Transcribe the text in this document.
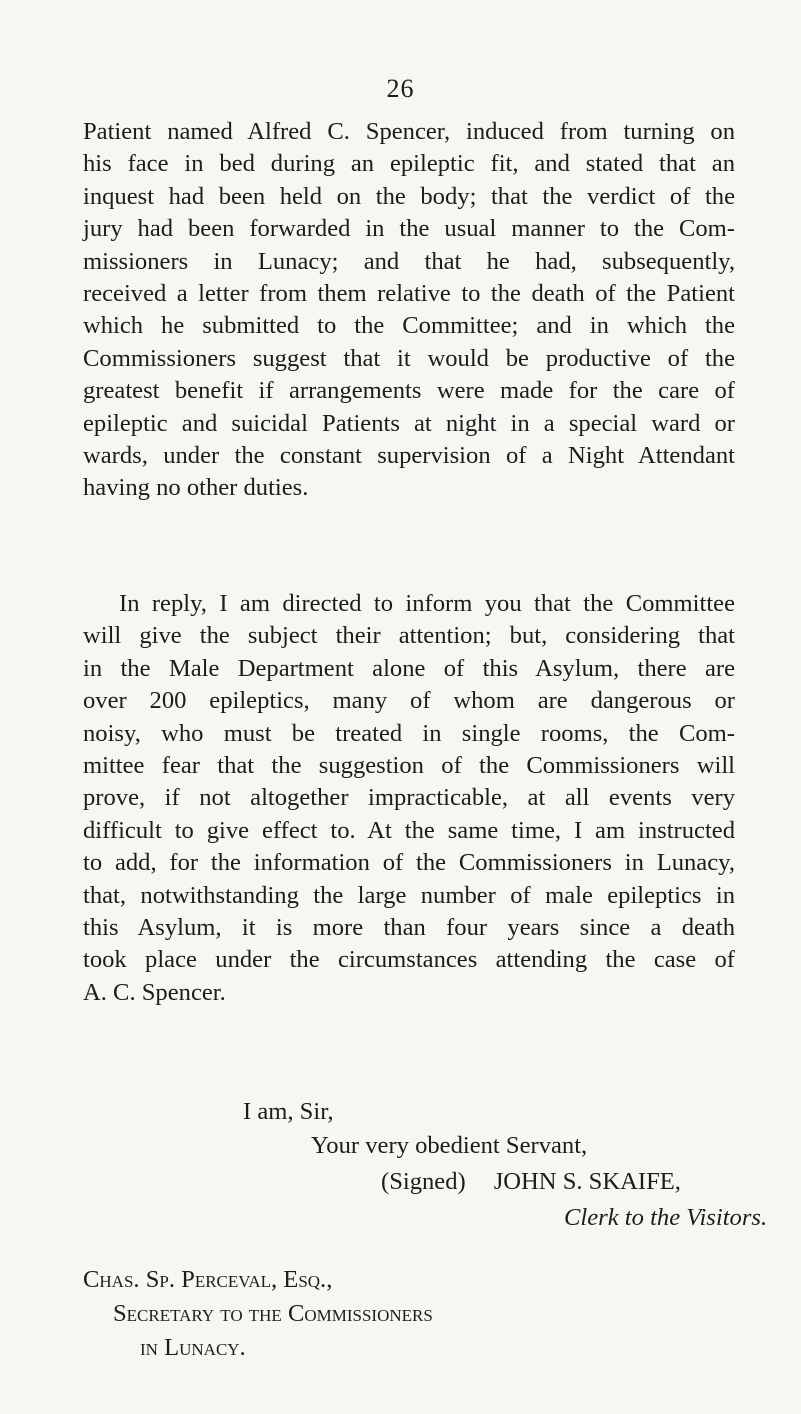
26
Patient named Alfred C. Spencer, induced from turning on
his face in bed during an epileptic fit, and stated that an
inquest had been held on the body; that the verdict of the
jury had been forwarded in the usual manner to the Com-
missioners in Lunacy; and that he had, subsequently,
received a letter from them relative to the death of the Patient
which he submitted to the Committee; and in which the
Commissioners suggest that it would be productive of the
greatest benefit if arrangements were made for the care of
epileptic and suicidal Patients at night in a special ward or
wards, under the constant supervision of a Night Attendant
having no other duties.
In reply, I am directed to inform you that the Committee
will give the subject their attention; but, considering that
in the Male Department alone of this Asylum, there are
over 200 epileptics, many of whom are dangerous or
noisy, who must be treated in single rooms, the Com-
mittee fear that the suggestion of the Commissioners will
prove, if not altogether impracticable, at all events very
difficult to give effect to. At the same time, I am instructed
to add, for the information of the Commissioners in Lunacy,
that, notwithstanding the large number of male epileptics in
this Asylum, it is more than four years since a death
took place under the circumstances attending the case of
A. C. Spencer.
I am, Sir,
Your very obedient Servant,
(Signed) JOHN S. SKAIFE,
Clerk to the Visitors.
Chas. Sp. Perceval, Esq.,
Secretary to the Commissioners
in Lunacy.
